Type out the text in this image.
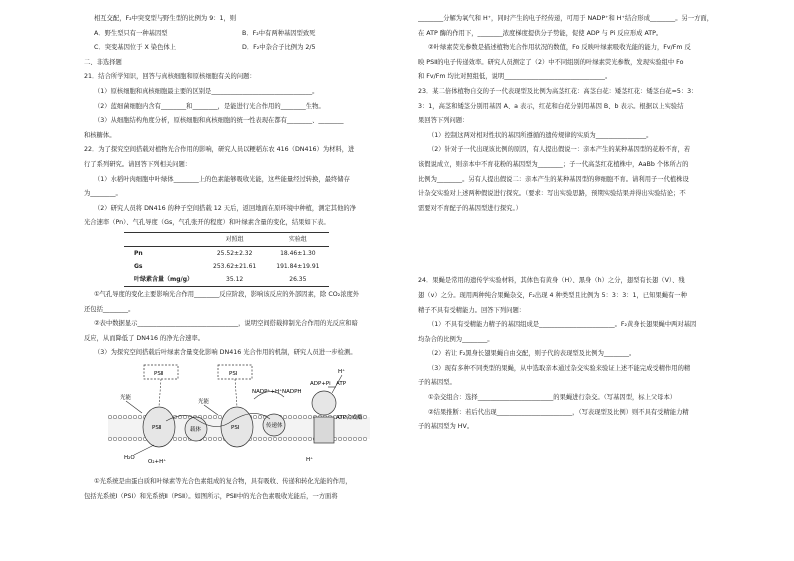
相互交配，F₂中突变型与野生型的比例为 9：1，则
A．野生型只有一种基因型	B．F₂中有两种基因型致死
C．突变基因位于 X 染色体上	D．F₂中杂合子比例为 2/5
二、非选择题
21．结合所学知识，回答与真核细胞和原核细胞有关的问题：
（1）原核细胞和真核细胞最主要的区别是________________________________。
（2）蓝细菌细胞内含有________和________，是能进行光合作用的________生物。
（3）从细胞结构角度分析，原核细胞和真核细胞的统一性表现在都有________、________
和核糖体。
22．为了探究空间搭载对植物光合作用的影响，研究人员以粳稻东农 416（DN416）为材料，进
行了系列研究。请回答下列相关问题：
（1）水稻叶肉细胞中叶绿体________上的色素能够吸收光能，这些能量经过转换，最终储存
为________。
（2）研究人员将 DN416 的种子空间搭载 12 天后，返回地面在原环境中种植，测定其他的净
光合速率（Pn）、气孔导度（Gs，气孔张开的程度）和叶绿素含量的变化，结果如下表。
	对照组	实验组
Pn	25.52±2.32	18.46±1.30
Gs	253.62±21.61	191.84±19.91
叶绿素含量（mg/g）	35.12	26.35
①气孔导度的变化主要影响光合作用________反应阶段，影响该反应的外部因素，除 CO₂浓度外
还包括________。
②表中数据显示________________________________，说明空间搭载抑制光合作用的光反应和暗
反应，从而降低了 DN416 的净光合速率。
（3）为探究空间搭载后叶绿素含量变化影响 DN416 光合作用的机制，研究人员进一步检测。
PSⅡ	PSⅠ
光能
光能
PSⅡ	载体	PSⅠ	传递体
ATP合成酶
ADP+Pi ATP
H⁺
NADP⁺+H⁺ NADPH
H₂O
O₂+H⁺	H⁺
①光系统是由蛋白质和叶绿素等光合色素组成的复合物，具有吸收、传递和转化光能的作用，
包括光系统Ⅰ（PSⅠ）和光系统Ⅱ（PSⅡ）。如图所示，PSⅡ中的光合色素吸收光能后，一方面将
________分解为氧气和 H⁺，同时产生的电子经传递，可用于 NADP⁺和 H⁺结合形成________。另一方面，
在 ATP 酶的作用下，________浓度梯度提供分子势能，促使 ADP 与 Pi 反应形成 ATP。
②叶绿素荧光参数是描述植物光合作用状况的数值，Fo 反映叶绿素吸收光能的能力，Fv/Fm 反
映 PSⅡ的电子传递效率。研究人员测定了（2）中不同组别的叶绿素荧光参数，发现实验组中 Fo
和 Fv/Fm 均比对照组低，说明________________________________。
23．某二倍体植物自交的子一代表现型及比例为高茎红花：高茎白花：矮茎红花：矮茎白花=5：3：
3：1，高茎和矮茎分别用基因 A、a 表示，红花和白花分别用基因 B、b 表示。根据以上实验结
果回答下列问题：
（1）控制这两对相对性状的基因所遵循的遗传规律的实质为________________。
（2）针对子一代出现该比例的原因，有人提出假说一：亲本产生的某种基因型的花粉不育，若
该假说成立，则亲本中不育花粉的基因型为________；子一代高茎红花植株中，AaBb 个体所占的
比例为________。另有人提出假说二：亲本产生的某种基因型的卵细胞不育。请利用子一代植株设
计杂交实验对上述两种假说进行探究。（要求：写出实验思路，预期实验结果并得出实验结论；不
需要对不育配子的基因型进行探究。）
24．果蝇是常用的遗传学实验材料，其体色有黄身（H）、黑身（h）之分，翅型有长翅（V）、残
翅（v）之分。现用两种纯合果蝇杂交，F₂出现 4 种类型且比例为 5：3：3：1，已知果蝇有一种
精子不具有受精能力。回答下列问题：
（1）不具有受精能力精子的基因组成是________________________。F₂黄身长翅果蝇中两对基因
均杂合的比例为________。
（2）若让 F₂黑身长翅果蝇自由交配，则子代的表现型及比例为________。
（3）现有多种不同类型的果蝇，从中选取亲本通过杂交实验来验证上述不能完成受精作用的精
子的基因型。
①杂交组合：选择________________________的果蝇进行杂交。（写基因型，标上父母本）
②结果推断：若后代出现________________________，（写表现型及比例）则不具有受精能力精
子的基因型为 HV。
